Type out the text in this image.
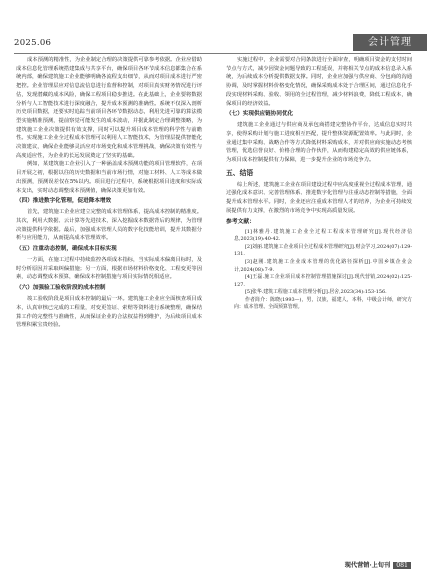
2025.06	会计管理

成本预测的精准性，为企业制定合理的决策提供可靠参考依据。企业应借助成本信息化管理系统搭建集成与共享平台，确保项目各环节成本信息都集合在系统内部，确保建筑施工企业能够明确各流程支出细节，从而对项目成本进行严密把控。企业管理层应对信息流信息进行监督和控制，对项目真实财务情况进行评估，发现潜藏的成本风险，确保工程项目稳步推进。在此基础上，企业要将数据分析与人工智能技术进行深度融合，提升成本预测的准确性。系统不仅深入剖析历史项目数据，还要实时追踪当前项目各环节数据动态，利用先进可靠的算法模型实施精准预测，提前察觉可能发生的成本波动，并据此制定合理调整策略，为建筑施工企业决策提供有效支撑，同时可以提升项目成本管理的科学性与前瞻性。实现施工企业全过程成本管理可以利用人工智能技术，为管理层提供智能化决策建议，确保企业能够灵活应对市场变化和成本管理挑战，确保决策有效性与高度适应性，为企业的长远发展奠定了坚实的基础。

例如，某建筑施工企业引入了一种涵盖成本预测功能的项目管理软件，在项目开展之初，根据以往的历史数据和当前市场行情，对施工材料、人工等成本做出预测，预测误差仅在5%以内。项目进行过程中，系统根据项目进度和实际成本支出，实时动态调整成本预测值，确保决策更加有效。

（四）推进数字化管理，促进降本增效

首先，建筑施工企业应建立完整的成本管理体系，提高成本控制的精准度。其次，利用大数据、云计算等先进技术，深入挖掘成本数据背后的规律，为管理决策提供科学依据。最后，加强成本管理人员的数字化技能培训，提升其数据分析与应用能力，从而提高成本管理效率。

（五）注重动态控制，确保成本目标实现

一方面，在施工过程中持续监控各项成本指标，当实际成本偏离目标时，及时分析原因并采取纠偏措施；另一方面，根据市场材料价格变化、工程变更等因素，动态调整成本预算，确保成本控制措施与项目实际情况相适应。

（六）加强验工验收阶段的成本控制

竣工验收阶段是项目成本控制的最后一环。建筑施工企业应全面核查项目成本，认真审核已完成的工程量，对变更签证、索赔等资料进行系统整理，确保结算工作的完整性与准确性，从而保证企业的合法权益得到维护，为后续项目成本管理积累宝贵经验。

实施过程中，企业需要对合同条款进行全面审查，明确项目资金的支付时间节点与方式，减少因资金问题导致的工程延误，并将相关节点的成本信息录入系统，为后续成本分析提供数据支撑。同时，企业应加强与供应商、分包商的沟通协调，及时掌握材料价格变化情况，确保采购成本处于合理区间，通过信息化手段实现材料采购、验收、领用的全过程管理，减少材料浪费，降低工程成本，确保项目的经济效益。

（七）实现供应链协同优化

建筑施工企业通过与供应商及承包商搭建完整协作平台，达成信息实时共享，使得采购计划与施工进度相互匹配，提升整体资源配置效率。与此同时，企业通过集中采购、战略合作等方式降低材料采购成本，并对供应商实施动态考核管理，优选信誉良好、价格合理的合作伙伴，从而构建稳定高效的供应链体系，为项目成本控制提供有力保障，进一步提升企业的市场竞争力。

五、结语

综上所述，建筑施工企业在项目建设过程中应高度重视全过程成本管理，通过强化成本意识、完善管理体系、推进数字化管理与注重动态控制等措施，全面提升成本管理水平。同时，企业还应注重成本管理人才的培养，为企业可持续发展提供有力支撑，在激烈的市场竞争中实现高质量发展。

参考文献：

[1]林雅丹.建筑施工企业全过程工程成本管理研究[J].现代经济信息,2023(19):40-42.

[2]刘丽.建筑施工企业项目全过程成本管理研究[J].财会学习,2024(07):129-131.

[3]赵刚.建筑施工企业成本管理的优化路径探析[J].中国乡镇企业会计,2024(08):7-9.

[4]王磊.施工企业项目成本控制管理措施探讨[J].现代营销,2024(02):125-127.

[5]张华.建筑工程施工成本管理分析[J].居舍,2023(34):153-156.

作者简介：陈晓(1993—)，男，汉族，福建人，本科，中级会计师，研究方向：成本管理、全面预算管理。

现代营销·上旬刊 081
